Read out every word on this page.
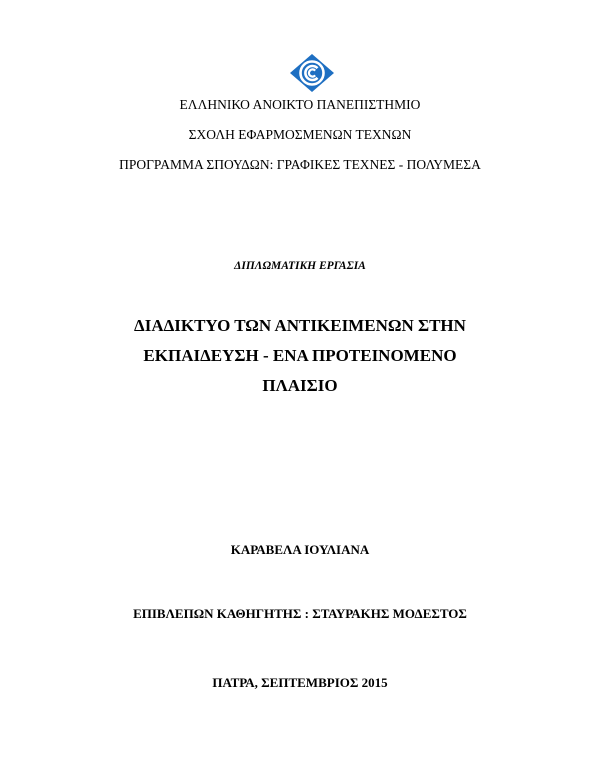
ΕΛΛΗΝΙΚΟ ΑΝΟΙΚΤΟ ΠΑΝΕΠΙΣΤΗΜΙΟ
ΣΧΟΛΗ ΕΦΑΡΜΟΣΜΕΝΩΝ ΤΕΧΝΩΝ
ΠΡΟΓΡΑΜΜΑ ΣΠΟΥΔΩΝ: ΓΡΑΦΙΚΕΣ ΤΕΧΝΕΣ - ΠΟΛΥΜΕΣΑ
ΔΙΠΛΩΜΑΤΙΚΗ ΕΡΓΑΣΙΑ
ΔΙΑΔΙΚΤΥΟ ΤΩΝ ΑΝΤΙΚΕΙΜΕΝΩΝ ΣΤΗΝ
ΕΚΠΑΙΔΕΥΣΗ - ΕΝΑ ΠΡΟΤΕΙΝΟΜΕΝΟ
ΠΛΑΙΣΙΟ
ΚΑΡΑΒΕΛΑ ΙΟΥΛΙΑΝΑ
ΕΠΙΒΛΕΠΩΝ ΚΑΘΗΓΗΤΗΣ : ΣΤΑΥΡΑΚΗΣ ΜΟΔΕΣΤΟΣ
ΠΑΤΡΑ, ΣΕΠΤΕΜΒΡΙΟΣ 2015
